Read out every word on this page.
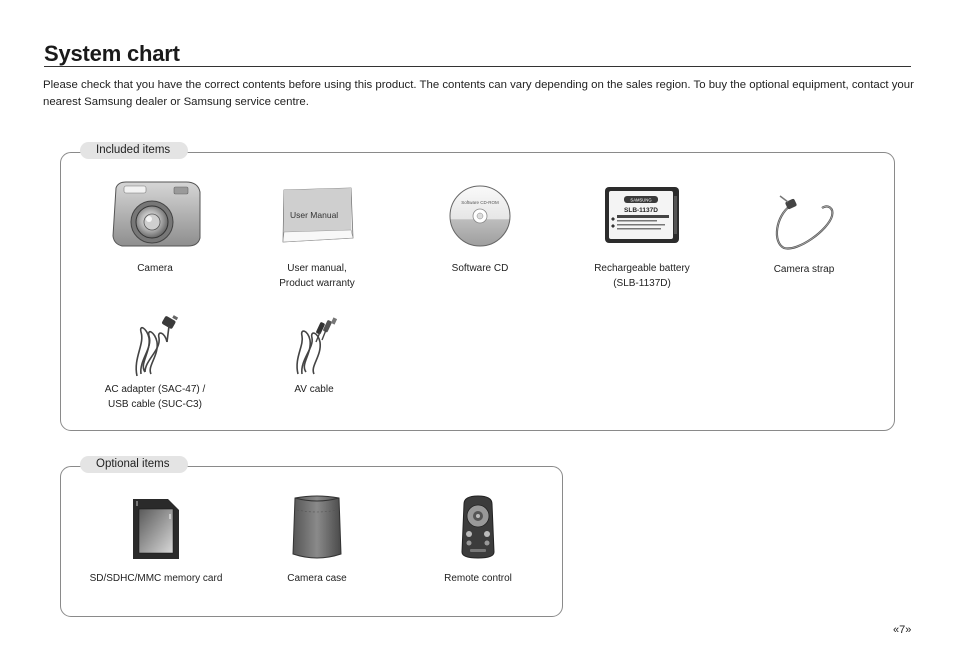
System chart
Please check that you have the correct contents before using this product. The contents can vary depending on the sales region. To buy the optional equipment, contact your nearest Samsung dealer or Samsung service centre.
Included items
Camera
User Manual
User manual,
Product warranty
Software CD-ROM
Software CD
SAMSUNG
SLB-1137D
Rechargeable battery
(SLB-1137D)
Camera strap
AC adapter (SAC-47) /
USB cable (SUC-C3)
AV cable
Optional items
SD/SDHC/MMC memory card	Camera case	Remote control
«7»
